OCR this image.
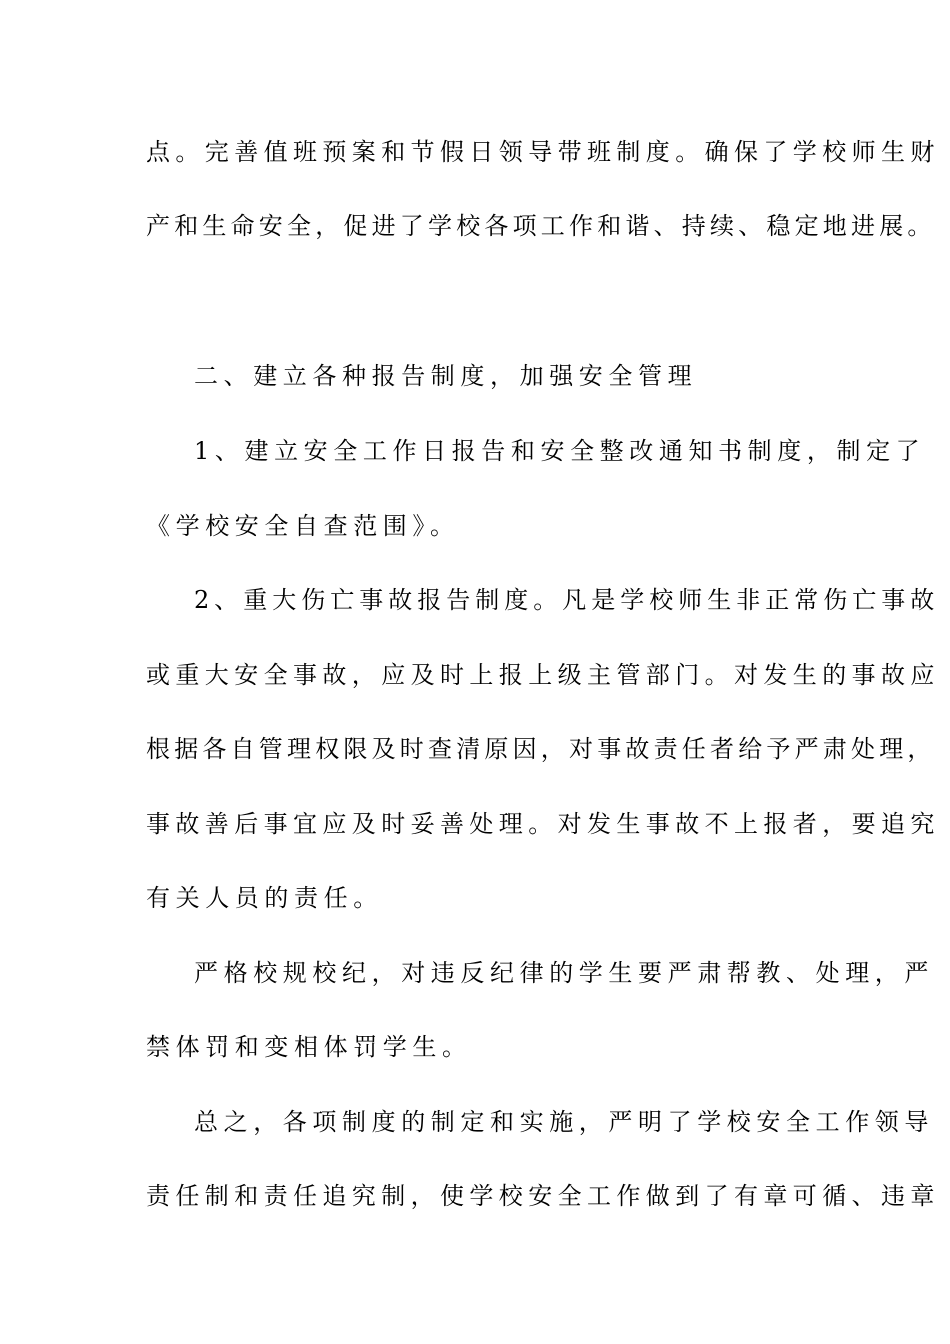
点。完善值班预案和节假日领导带班制度。确保了学校师生财
产和生命安全，促进了学校各项工作和谐、持续、稳定地进展。
二、建立各种报告制度，加强安全管理
1、建立安全工作日报告和安全整改通知书制度，制定了
《学校安全自查范围》。
2、重大伤亡事故报告制度。凡是学校师生非正常伤亡事故
或重大安全事故，应及时上报上级主管部门。对发生的事故应
根据各自管理权限及时查清原因，对事故责任者给予严肃处理，
事故善后事宜应及时妥善处理。对发生事故不上报者，要追究
有关人员的责任。
严格校规校纪，对违反纪律的学生要严肃帮教、处理，严
禁体罚和变相体罚学生。
总之，各项制度的制定和实施，严明了学校安全工作领导
责任制和责任追究制，使学校安全工作做到了有章可循、违章
